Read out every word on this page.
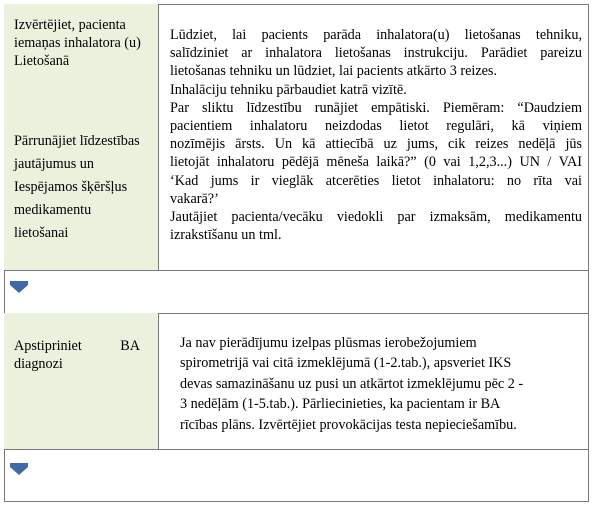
Izvērtējiet, pacienta
iemaņas inhalatora (u)
Lietošanā
Pārrunājiet līdzestības
jautājumus un
Iespējamos šķēršļus
medikamentu
lietošanai
Lūdziet, lai pacients parāda inhalatora(u) lietošanas tehniku,
salīdziniet ar inhalatora lietošanas instrukciju. Parādiet pareizu
lietošanas tehniku un lūdziet, lai pacients atkārto 3 reizes.
Inhalāciju tehniku pārbaudiet katrā vizītē.
Par sliktu līdzestību runājiet empātiski. Piemēram: “Daudziem
pacientiem inhalatoru neizdodas lietot regulāri, kā viņiem
nozīmējis ārsts. Un kā attiecībā uz jums, cik reizes nedēļā jūs
lietojāt inhalatoru pēdējā mēneša laikā?” (0 vai 1,2,3...) UN / VAI
‘Kad jums ir vieglāk atcerēties lietot inhalatoru: no rīta vai
vakarā?’
Jautājiet pacienta/vecāku viedokli par izmaksām, medikamentu
izrakstīšanu un tml.
Apstipriniet BA
diagnozi
Ja nav pierādījumu izelpas plūsmas ierobežojumiem
spirometrijā vai citā izmeklējumā (1-2.tab.), apsveriet IKS
devas samazināšanu uz pusi un atkārtot izmeklējumu pēc 2 -
3 nedēļām (1-5.tab.). Pārliecinieties, ka pacientam ir BA
rīcības plāns. Izvērtējiet provokācijas testa nepieciešamību.
